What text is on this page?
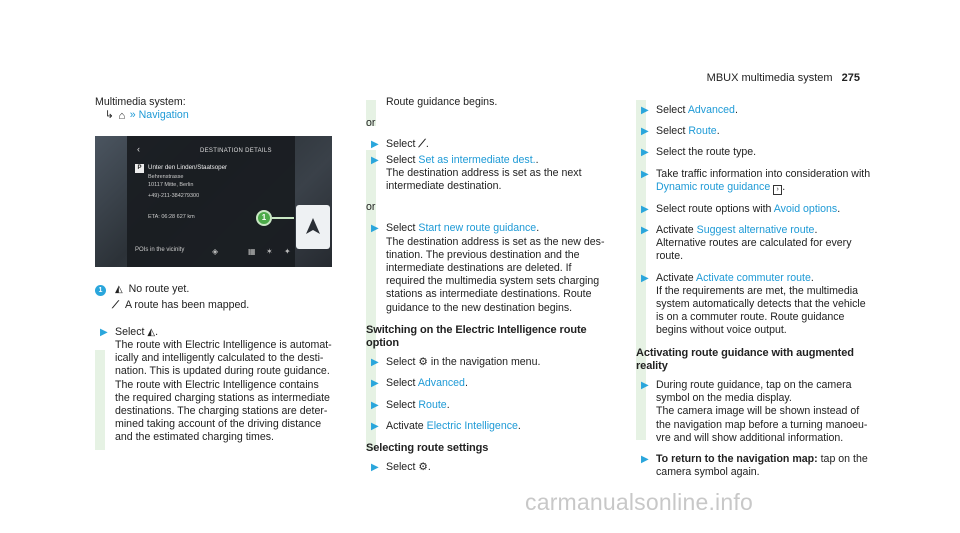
MBUX multimedia system 275
Multimedia system:
↳ ⌂ » Navigation
‹	DESTINATION DETAILS
P	Unter den Linden/Staatsoper
Behrenstrasse
10117 Mitte, Berlin
+49)-211-384279300
ETA: 06:28 627 km
POIs in the vicinity	◈	▦ ✶ ✦
1
1 ◭ No route yet.
⟋ A route has been mapped.
▶ Select ◭.
The route with Electric Intelligence is automat-
ically and intelligently calculated to the desti-
nation. This is updated during route guidance.
The route with Electric Intelligence contains
the required charging stations as intermediate
destinations. The charging stations are deter-
mined taking account of the driving distance
and the estimated charging times.
Route guidance begins.
or
▶ Select ⟋.
▶ Select Set as intermediate dest..
The destination address is set as the next
intermediate destination.
or
▶ Select Start new route guidance.
The destination address is set as the new des-
tination. The previous destination and the
intermediate destinations are deleted. If
required the multimedia system sets charging
stations as intermediate destinations. Route
guidance to the new destination begins.
Switching on the Electric Intelligence route option
▶ Select ⚙ in the navigation menu.
▶ Select Advanced.
▶ Select Route.
▶ Activate Electric Intelligence.
Selecting route settings
▶ Select ⚙.
▶ Select Advanced.
▶ Select Route.
▶ Select the route type.
▶ Take traffic information into consideration with
Dynamic route guidance › .
▶ Select route options with Avoid options.
▶ Activate Suggest alternative route.
Alternative routes are calculated for every
route.
▶ Activate Activate commuter route.
If the requirements are met, the multimedia
system automatically detects that the vehicle
is on a commuter route. Route guidance
begins without voice output.
Activating route guidance with augmented reality
▶ During route guidance, tap on the camera
symbol on the media display.
The camera image will be shown instead of
the navigation map before a turning manoeu-
vre and will show additional information.
▶ To return to the navigation map: tap on the
camera symbol again.
carmanualsonline.info
